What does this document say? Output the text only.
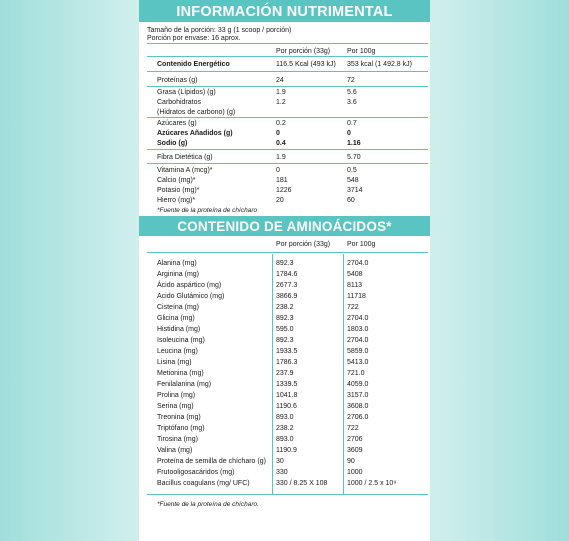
INFORMACIÓN NUTRIMENTAL
Tamaño de la porción: 33 g (1 scoop / porción)
Porción por envase: 16 aprox.
Por porción (33g) Por 100g
Contenido Energético	116.5 Kcal (493 kJ) 353 kcal (1 492.8 kJ)
Proteínas (g)	24	72
Grasa (Lípidos) (g)	1.9	5.6
Carbohidratos	1.2	3.6
(Hidratos de carbono) (g)
Azúcares (g)	0.2	0.7
Azúcares Añadidos (g)	0	0
Sodio (g)	0.4	1.16
Fibra Dietética (g)	1.9	5.70
Vitamina A (mcg)*	0	0.5
Calcio (mg)*	181	548
Potasio (mg)*	1226	3714
Hierro (mg)*	20	60
*Fuente de la proteína de chícharo
CONTENIDO DE AMINOÁCIDOS*
Por porción (33g) Por 100g
Alanina (mg)	892.3	2704.0
Arginina (mg)	1784.6	5408
Ácido aspártico (mg)	2677.3	8113
Acido Glutámico (mg)	3866.9	11718
Cisteína (mg)	238.2	722
Glicina (mg)	892.3	2704.0
Histidina (mg)	595.0	1803.0
Isoleucina (mg)	892.3	2704.0
Leucina (mg)	1933.5	5859.0
Lisina (mg)	1786.3	5413.0
Metionina (mg)	237.9	721.0
Fenilalanina (mg)	1339.5	4059.0
Prolina (mg)	1041.8	3157.0
Serina (mg)	1190.6	3608.0
Treonina (mg)	893.0	2706.0
Triptófano (mg)	238.2	722
Tirosina (mg)	893.0	2706
Valina (mg)	1190.9	3609
Proteína de semilla de chícharo (g) 30	90
Frutooligosacáridos (mg)	330	1000
Bacillus coagulans (mg/ UFC)	330 / 8.25 X 108	1000 / 2.5 x 10⁹
*Fuente de la proteína de chícharo.
